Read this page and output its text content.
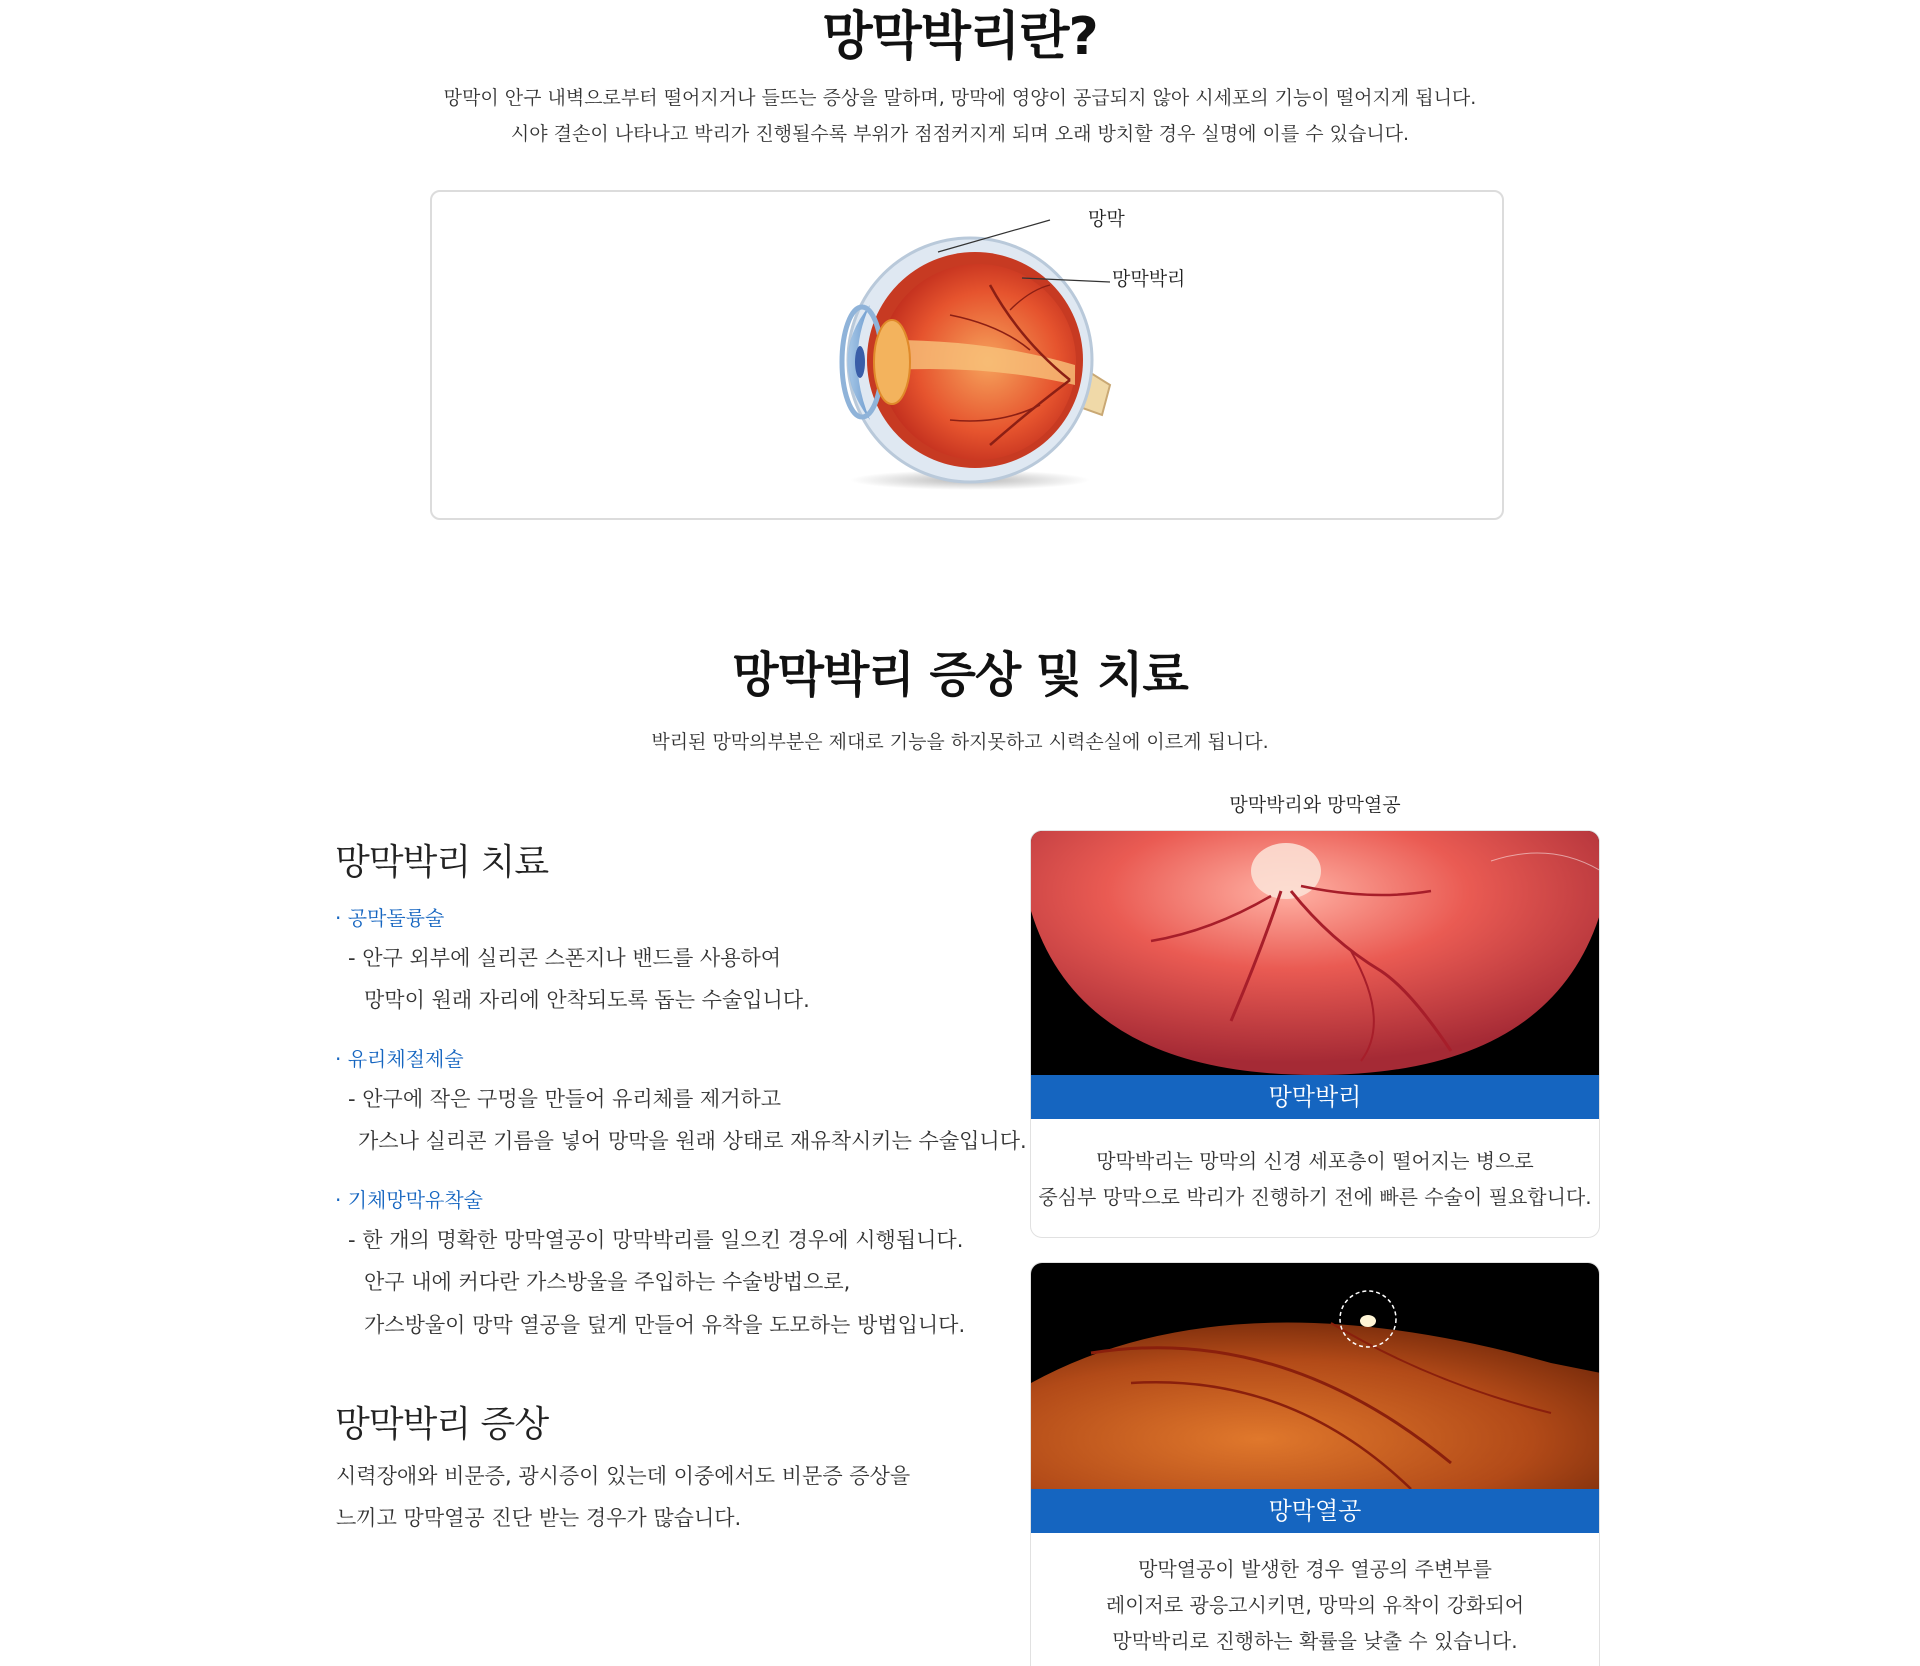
망막박리란?
망막이 안구 내벽으로부터 떨어지거나 들뜨는 증상을 말하며, 망막에 영양이 공급되지 않아 시세포의 기능이 떨어지게 됩니다.
시야 결손이 나타나고 박리가 진행될수록 부위가 점점커지게 되며 오래 방치할 경우 실명에 이를 수 있습니다.
망막
망막박리
망막박리 증상 및 치료
박리된 망막의부분은 제대로 기능을 하지못하고 시력손실에 이르게 됩니다.
망막박리 치료
· 공막돌륭술
- 안구 외부에 실리콘 스폰지나 밴드를 사용하여
망막이 원래 자리에 안착되도록 돕는 수술입니다.
· 유리체절제술
- 안구에 작은 구멍을 만들어 유리체를 제거하고
가스나 실리콘 기름을 넣어 망막을 원래 상태로 재유착시키는 수술입니다.
· 기체망막유착술
- 한 개의 명확한 망막열공이 망막박리를 일으킨 경우에 시행됩니다.
안구 내에 커다란 가스방울을 주입하는 수술방법으로,
가스방울이 망막 열공을 덮게 만들어 유착을 도모하는 방법입니다.
망막박리 증상
시력장애와 비문증, 광시증이 있는데 이중에서도 비문증 증상을
느끼고 망막열공 진단 받는 경우가 많습니다.
망막박리와 망막열공
망막박리
망막박리는 망막의 신경 세포층이 떨어지는 병으로
중심부 망막으로 박리가 진행하기 전에 빠른 수술이 필요합니다.
망막열공
망막열공이 발생한 경우 열공의 주변부를
레이저로 광응고시키면, 망막의 유착이 강화되어
망막박리로 진행하는 확률을 낮출 수 있습니다.
